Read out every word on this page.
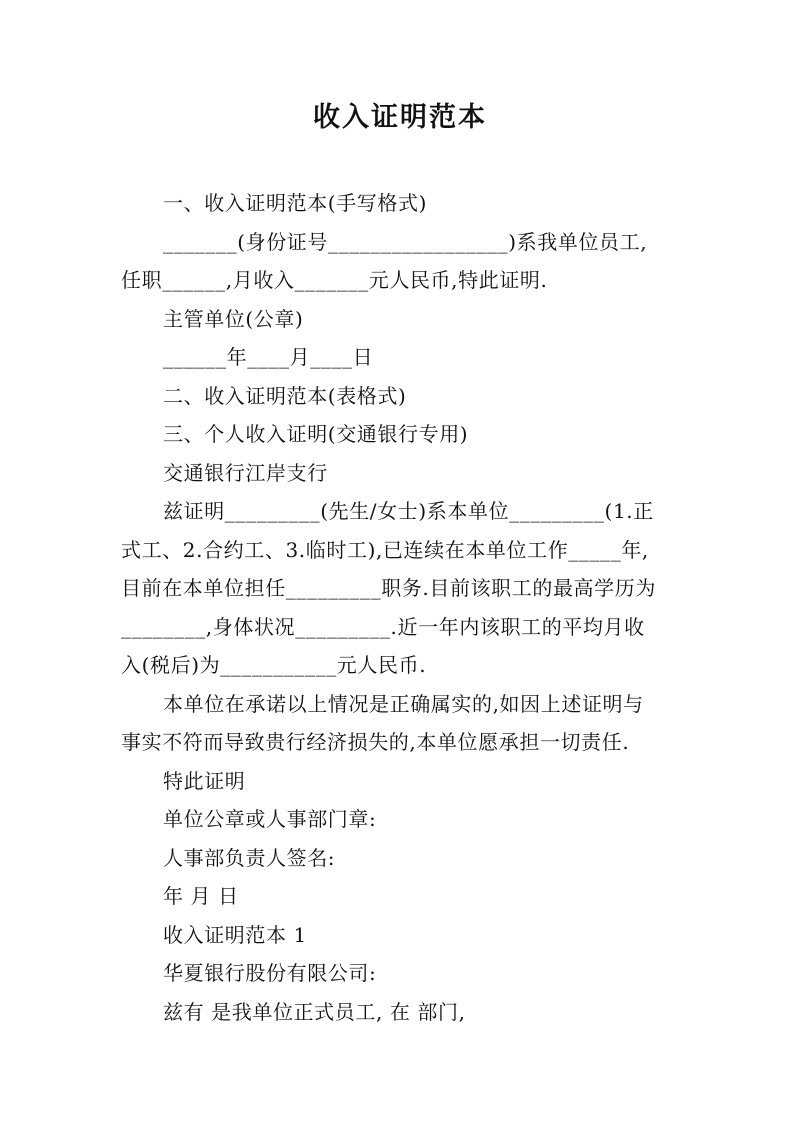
收入证明范本

一、收入证明范本(手写格式)

_______(身份证号_________________)系我单位员工,

任职______,月收入_______元人民币,特此证明.

主管单位(公章)

______年____月____日

二、收入证明范本(表格式)

三、个人收入证明(交通银行专用)

交通银行江岸支行

兹证明_________(先生/女士)系本单位_________(1.正

式工、2.合约工、3.临时工),已连续在本单位工作_____年,

目前在本单位担任_________职务.目前该职工的最高学历为

________,身体状况_________.近一年内该职工的平均月收

入(税后)为___________元人民币.

本单位在承诺以上情况是正确属实的,如因上述证明与

事实不符而导致贵行经济损失的,本单位愿承担一切责任.

特此证明

单位公章或人事部门章:

人事部负责人签名:

年 月 日

收入证明范本 1

华夏银行股份有限公司:

兹有 是我单位正式员工, 在 部门,
